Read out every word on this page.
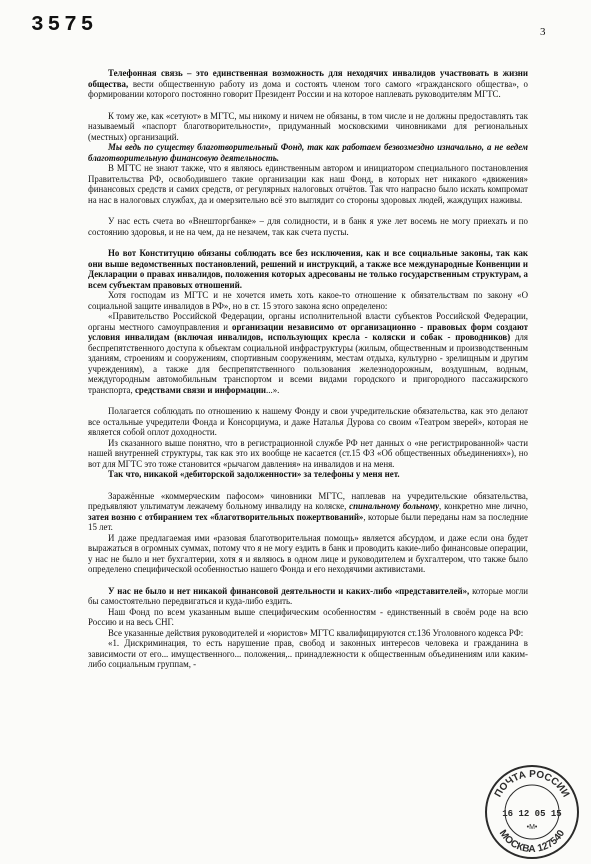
3575	3

Телефонная связь – это единственная возможность для неходячих инвалидов участвовать в жизни общества, вести общественную работу из дома и состоять членом того самого «гражданского общества», о формировании которого постоянно говорит Президент России и на которое наплевать руководителям МГТС.

К тому же, как «сетуют» в МГТС, мы никому и ничем не обязаны, в том числе и не должны предоставлять так называемый «паспорт благотворительности», придуманный московскими чиновниками для региональных (местных) организаций.

Мы ведь по существу благотворительный Фонд, так как работаем безвозмездно изначально, а не ведем благотворительную финансовую деятельность.

В МГТС не знают также, что я являюсь единственным автором и инициатором специального постановления Правительства РФ, освободившего такие организации как наш Фонд, в которых нет никакого «движения» финансовых средств и самих средств, от регулярных налоговых отчётов. Так что напрасно было искать компромат на нас в налоговых службах, да и омерзительно всё это выглядит со стороны здоровых людей, жаждущих наживы.

У нас есть счета во «Внешторгбанке» – для солидности, и в банк я уже лет восемь не могу приехать и по состоянию здоровья, и не на чем, да не незачем, так как счета пусты.

Но вот Конституцию обязаны соблюдать все без исключения, как и все социальные законы, так как они выше ведомственных постановлений, решений и инструкций, а также все международные Конвенции и Декларации о правах инвалидов, положения которых адресованы не только государственным структурам, а всем субъектам правовых отношений.

Хотя господам из МГТС и не хочется иметь хоть какое-то отношение к обязательствам по закону «О социальной защите инвалидов в РФ», но в ст. 15 этого закона ясно определено:

«Правительство Российской Федерации, органы исполнительной власти субъектов Российской Федерации, органы местного самоуправления и организации независимо от организационно - правовых форм создают условия инвалидам (включая инвалидов, использующих кресла - коляски и собак - проводников) для беспрепятственного доступа к объектам социальной инфраструктуры (жилым, общественным и производственным зданиям, строениям и сооружениям, спортивным сооружениям, местам отдыха, культурно - зрелищным и другим учреждениям), а также для беспрепятственного пользования железнодорожным, воздушным, водным, междугородным автомобильным транспортом и всеми видами городского и пригородного пассажирского транспорта, средствами связи и информации...».

Полагается соблюдать по отношению к нашему Фонду и свои учредительские обязательства, как это делают все остальные учредители Фонда и Консорциума, и даже Наталья Дурова со своим «Театром зверей», которая не является собой оплот доходности.

Из сказанного выше понятно, что в регистрационной службе РФ нет данных о «не регистрированной» части нашей внутренней структуры, так как это их вообще не касается (ст.15 ФЗ «Об общественных объединениях»), но вот для МГТС это тоже становится «рычагом давления» на инвалидов и на меня.

Так что, никакой «дебиторской задолженности» за телефоны у меня нет.

Заражённые «коммерческим пафосом» чиновники МГТС, наплевав на учредительские обязательства, предъявляют ультиматум лежачему больному инвалиду на коляске, спинальному больному, конкретно мне лично, затея возню с отбиранием тех «благотворительных пожертвований», которые были переданы нам за последние 15 лет.

И даже предлагаемая ими «разовая благотворительная помощь» является абсурдом, и даже если она будет выражаться в огромных суммах, потому что я не могу ездить в банк и проводить какие-либо финансовые операции, у нас не было и нет бухгалтерии, хотя я и являюсь в одном лице и руководителем и бухгалтером, что также было определено специфической особенностью нашего Фонда и его неходячими активистами.

У нас не было и нет никакой финансовой деятельности и каких-либо «представителей», которые могли бы самостоятельно передвигаться и куда-либо ездить.

Наш Фонд по всем указанным выше специфическим особенностям - единственный в своём роде на всю Россию и на весь СНГ.

Все указанные действия руководителей и «юристов» МГТС квалифицируются ст.136 Уголовного кодекса РФ:

«1. Дискриминация, то есть нарушение прав, свобод и законных интересов человека и гражданина в зависимости от его... имущественного... положения,.. принадлежности к общественным объединениям или каким-либо социальным группам, -

ПОЧТА РОССИИ
МОСКВА 127540
16 12 05 15
•М•
